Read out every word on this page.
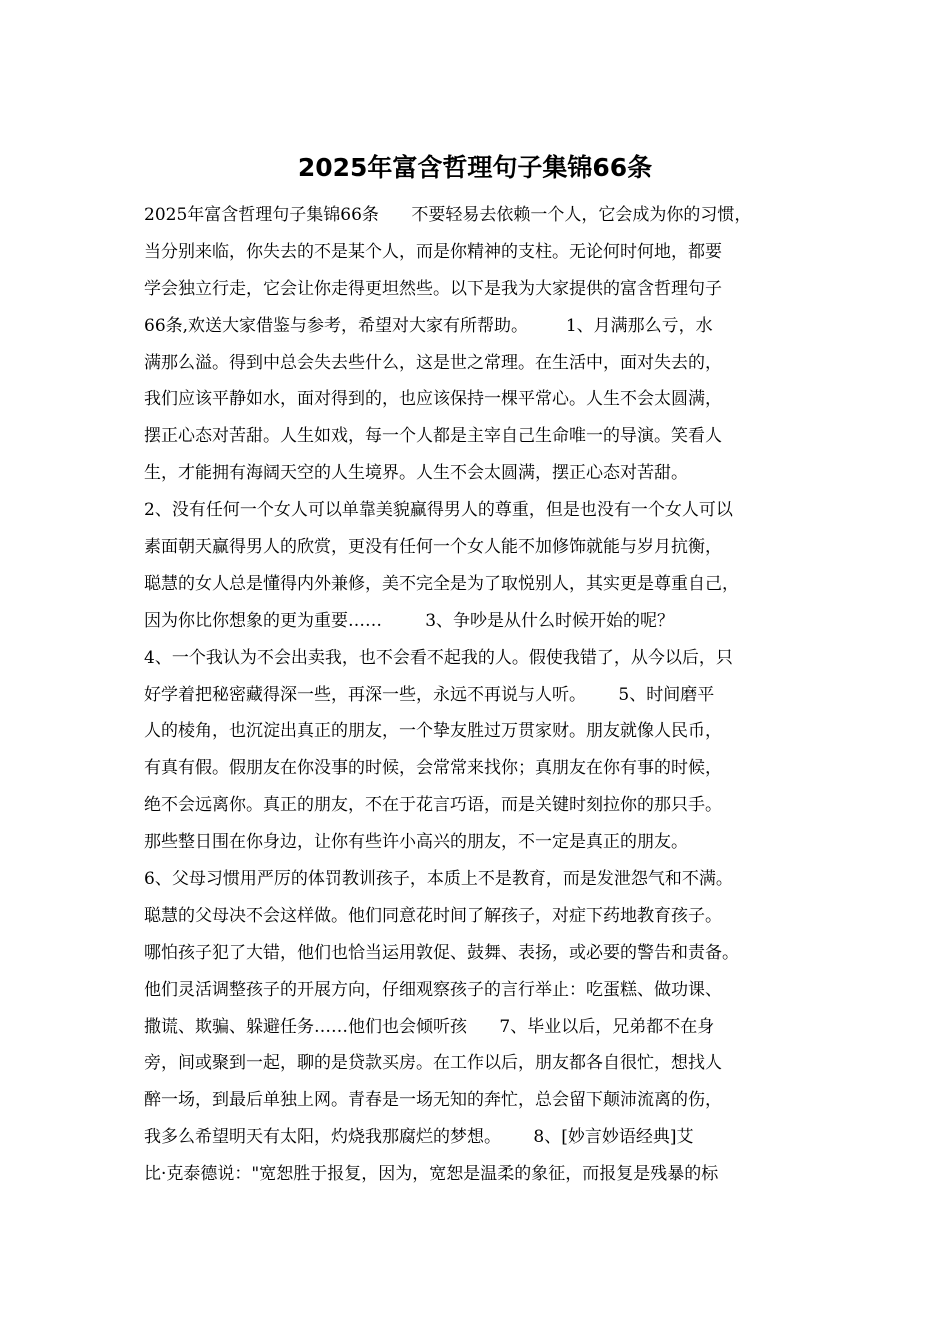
2025年富含哲理句子集锦66条
2025年富含哲理句子集锦66条      不要轻易去依赖一个人，它会成为你的习惯，
当分别来临，你失去的不是某个人，而是你精神的支柱。无论何时何地，都要
学会独立行走，它会让你走得更坦然些。以下是我为大家提供的富含哲理句子
66条,欢送大家借鉴与参考，希望对大家有所帮助。       1、月满那么亏，水
满那么溢。得到中总会失去些什么，这是世之常理。在生活中，面对失去的，
我们应该平静如水，面对得到的，也应该保持一棵平常心。人生不会太圆满，
摆正心态对苦甜。人生如戏，每一个人都是主宰自己生命唯一的导演。笑看人
生，才能拥有海阔天空的人生境界。人生不会太圆满，摆正心态对苦甜。
2、没有任何一个女人可以单靠美貌赢得男人的尊重，但是也没有一个女人可以
素面朝天赢得男人的欣赏，更没有任何一个女人能不加修饰就能与岁月抗衡，
聪慧的女人总是懂得内外兼修，美不完全是为了取悦别人，其实更是尊重自己，
因为你比你想象的更为重要……        3、争吵是从什么时候开始的呢？
4、一个我认为不会出卖我，也不会看不起我的人。假使我错了，从今以后，只
好学着把秘密藏得深一些，再深一些，永远不再说与人听。      5、时间磨平
人的棱角，也沉淀出真正的朋友，一个挚友胜过万贯家财。朋友就像人民币，
有真有假。假朋友在你没事的时候，会常常来找你；真朋友在你有事的时候，
绝不会远离你。真正的朋友，不在于花言巧语，而是关键时刻拉你的那只手。
那些整日围在你身边，让你有些许小高兴的朋友，不一定是真正的朋友。
6、父母习惯用严厉的体罚教训孩子，本质上不是教育，而是发泄怨气和不满。
聪慧的父母决不会这样做。他们同意花时间了解孩子，对症下药地教育孩子。
哪怕孩子犯了大错，他们也恰当运用敦促、鼓舞、表扬，或必要的警告和责备。
他们灵活调整孩子的开展方向，仔细观察孩子的言行举止：吃蛋糕、做功课、
撒谎、欺骗、躲避任务……他们也会倾听孩      7、毕业以后，兄弟都不在身
旁，间或聚到一起，聊的是贷款买房。在工作以后，朋友都各自很忙，想找人
醉一场，到最后单独上网。青春是一场无知的奔忙，总会留下颠沛流离的伤，
我多么希望明天有太阳，灼烧我那腐烂的梦想。      8、[妙言妙语经典]艾
比·克泰德说："宽恕胜于报复，因为，宽恕是温柔的象征，而报复是残暴的标
